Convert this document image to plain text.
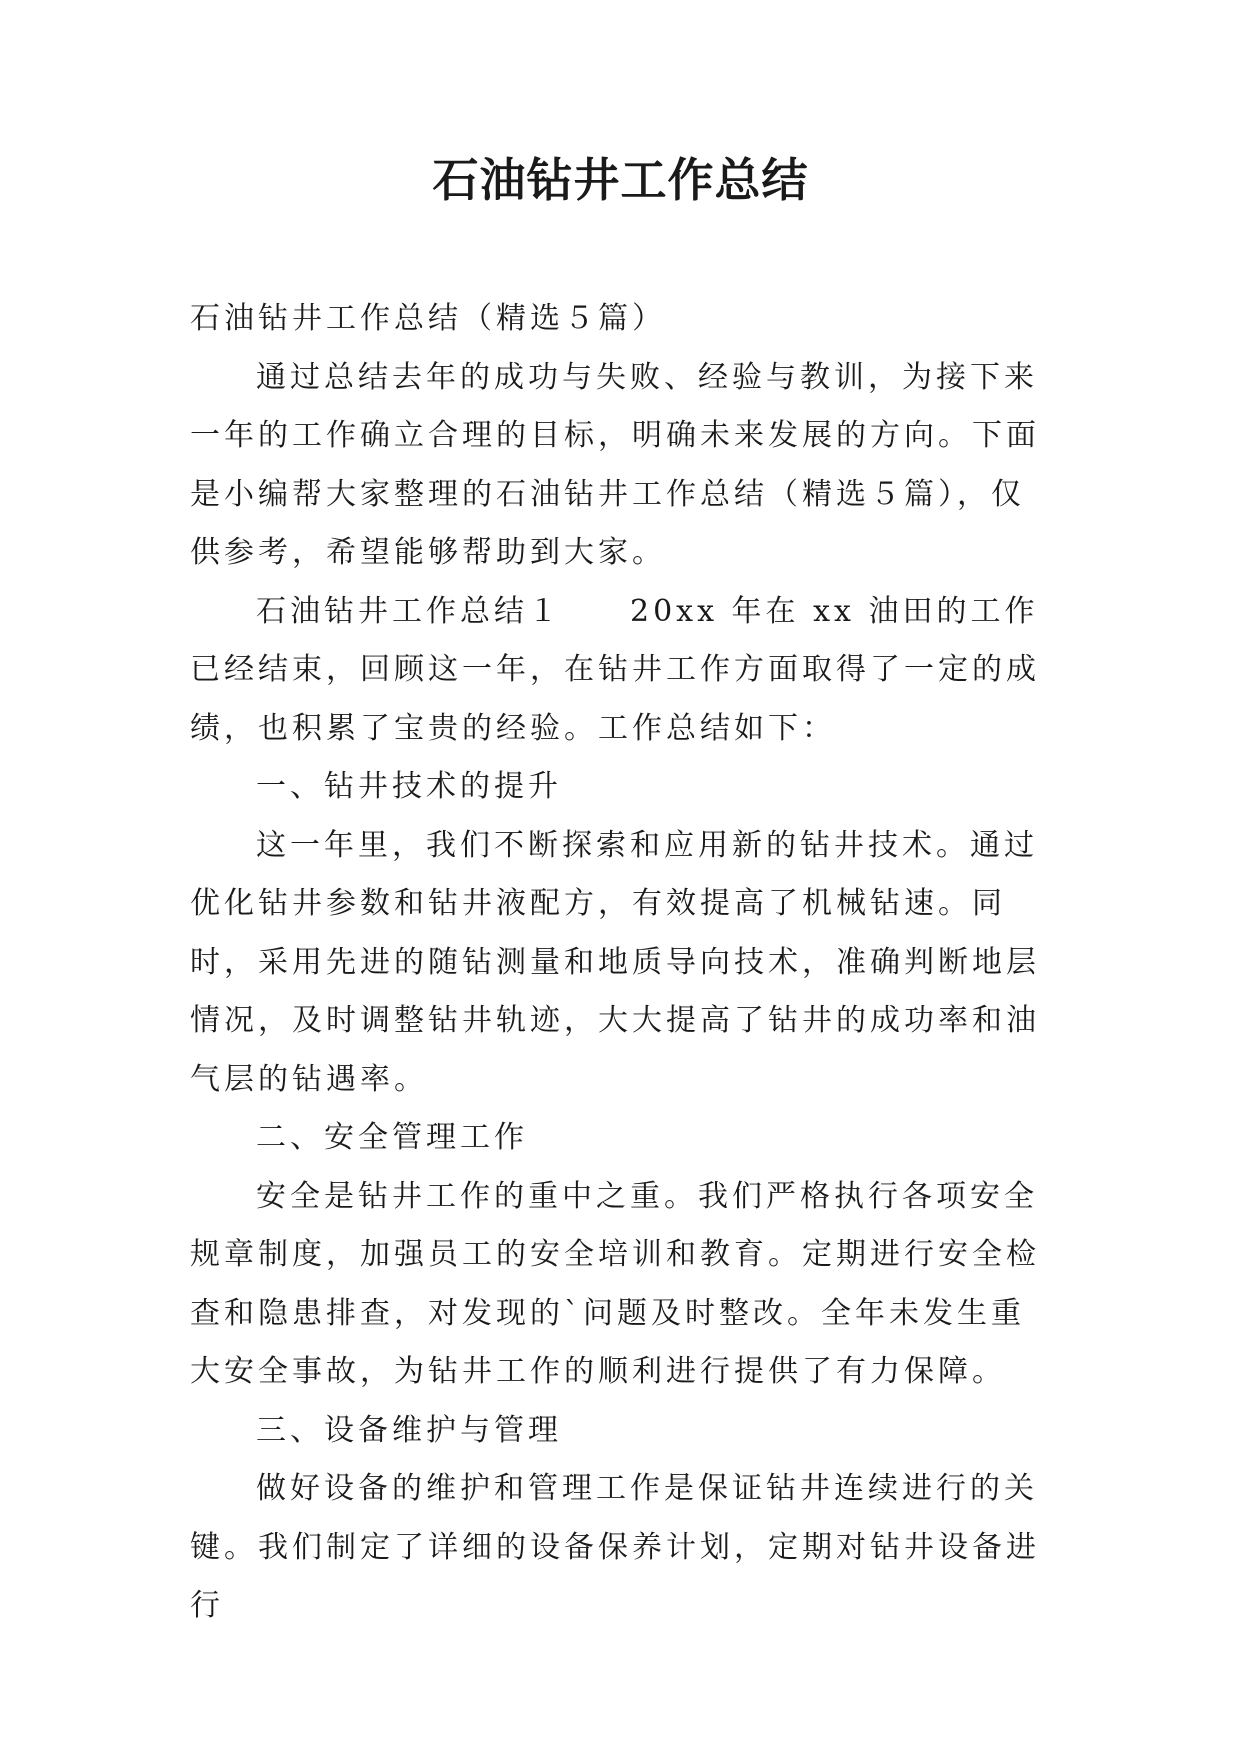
石油钻井工作总结

石油钻井工作总结（精选５篇）

通过总结去年的成功与失败、经验与教训，为接下来一年的工作确立合理的目标，明确未来发展的方向。下面是小编帮大家整理的石油钻井工作总结（精选５篇），仅供参考，希望能够帮助到大家。

石油钻井工作总结１　　20xx 年在 xx 油田的工作已经结束，回顾这一年，在钻井工作方面取得了一定的成绩，也积累了宝贵的经验。工作总结如下：

一、钻井技术的提升

这一年里，我们不断探索和应用新的钻井技术。通过优化钻井参数和钻井液配方，有效提高了机械钻速。同时，采用先进的随钻测量和地质导向技术，准确判断地层情况，及时调整钻井轨迹，大大提高了钻井的成功率和油气层的钻遇率。

二、安全管理工作

安全是钻井工作的重中之重。我们严格执行各项安全规章制度，加强员工的安全培训和教育。定期进行安全检查和隐患排查，对发现的`问题及时整改。全年未发生重大安全事故，为钻井工作的顺利进行提供了有力保障。

三、设备维护与管理

做好设备的维护和管理工作是保证钻井连续进行的关键。我们制定了详细的设备保养计划，定期对钻井设备进行
